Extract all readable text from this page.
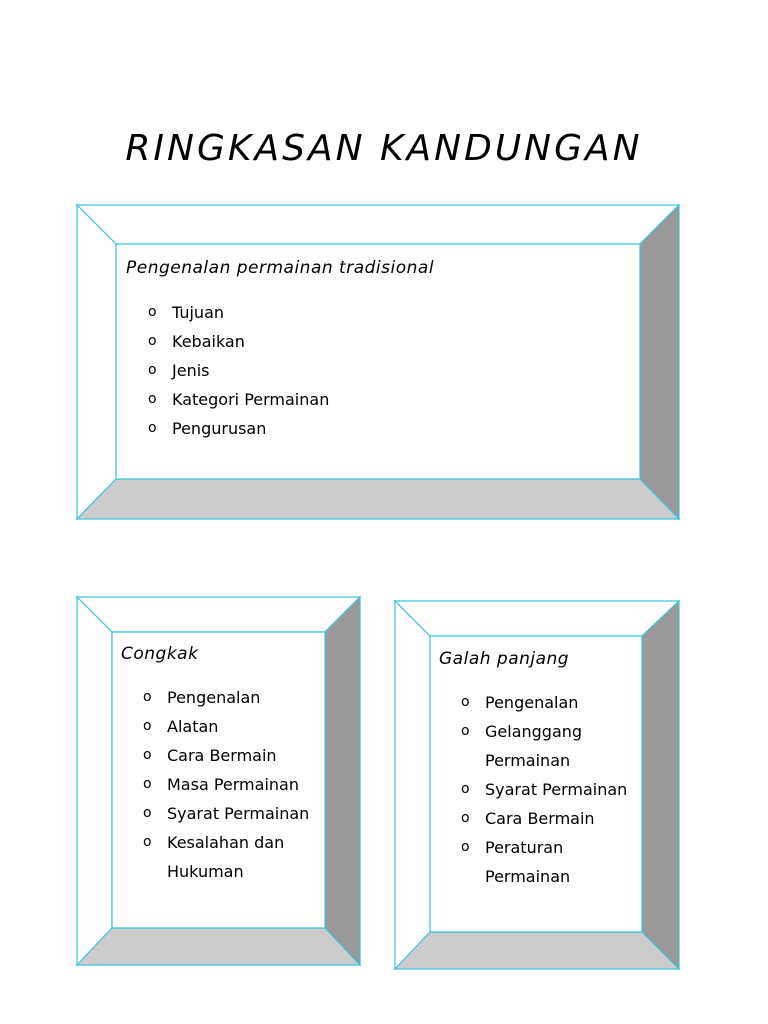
RINGKASAN KANDUNGAN
Pengenalan permainan tradisional
o Tujuan
o Kebaikan
o Jenis
o Kategori Permainan
o Pengurusan
Congkak
o Pengenalan
o Alatan
o Cara Bermain
o Masa Permainan
o Syarat Permainan
o Kesalahan dan
Hukuman
Galah panjang
o Pengenalan
o Gelanggang
Permainan
o Syarat Permainan
o Cara Bermain
o Peraturan
Permainan
